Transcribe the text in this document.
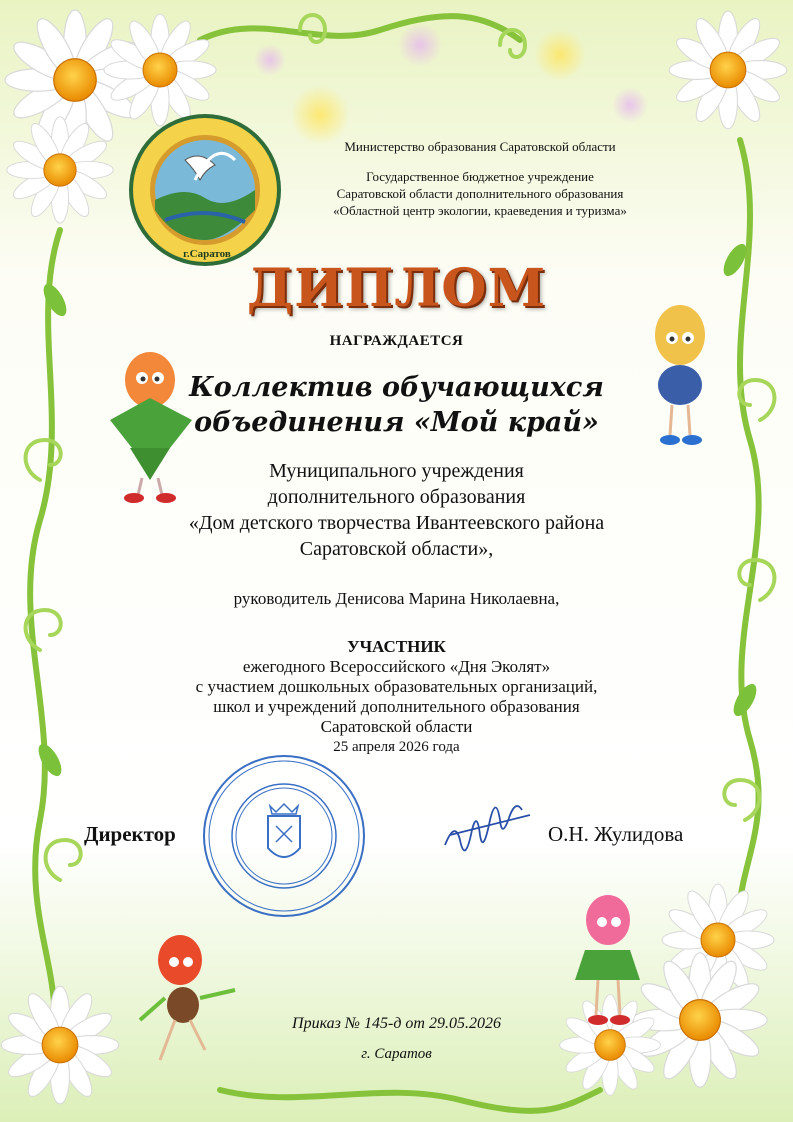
г.Саратов
Министерство образования Саратовской области
Государственное бюджетное учреждение
Саратовской области дополнительного образования
«Областной центр экологии, краеведения и туризма»
ДИПЛОМ
НАГРАЖДАЕТСЯ
Коллектив обучающихся
объединения «Мой край»
Муниципального учреждения
дополнительного образования
«Дом детского творчества Ивантеевского района
Саратовской области»,
руководитель Денисова Марина Николаевна,
УЧАСТНИК
ежегодного Всероссийского «Дня Эколят»
с участием дошкольных образовательных организаций,
школ и учреждений дополнительного образования
Саратовской области
25 апреля 2026 года
Директор	О.Н. Жулидова
Приказ № 145-д от 29.05.2026
г. Саратов
